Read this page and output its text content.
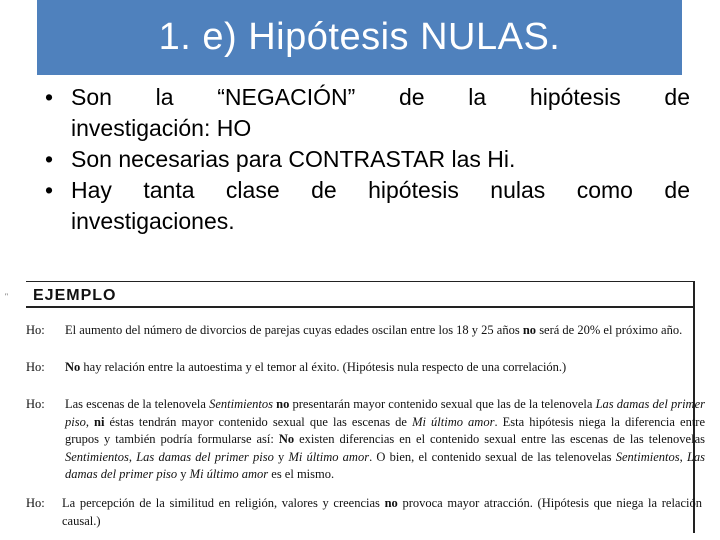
1. e) Hipótesis NULAS.
• Son la “NEGACIÓN” de la hipótesis de
investigación: HO
• Son necesarias para CONTRASTAR las Hi.
• Hay tanta clase de hipótesis nulas como de
investigaciones.
'' EJEMPLO
Ho: El aumento del número de divorcios de parejas cuyas edades oscilan entre los 18 y 25 años no será de 20% el próximo año.
Ho: No hay relación entre la autoestima y el temor al éxito. (Hipótesis nula respecto de una correlación.)
Ho: Las escenas de la telenovela Sentimientos no presentarán mayor contenido sexual que las de la telenovela Las damas del primer piso, ni éstas tendrán mayor contenido sexual que las escenas de Mi último amor. Esta hipótesis niega la diferencia entre grupos y también podría formularse así: No existen diferencias en el contenido sexual entre las escenas de las telenovelas Sentimientos, Las damas del primer piso y Mi último amor. O bien, el contenido sexual de las telenovelas Sentimientos, Las damas del primer piso y Mi último amor es el mismo.
Ho: La percepción de la similitud en religión, valores y creencias no provoca mayor atracción. (Hipótesis que niega la relación causal.)
